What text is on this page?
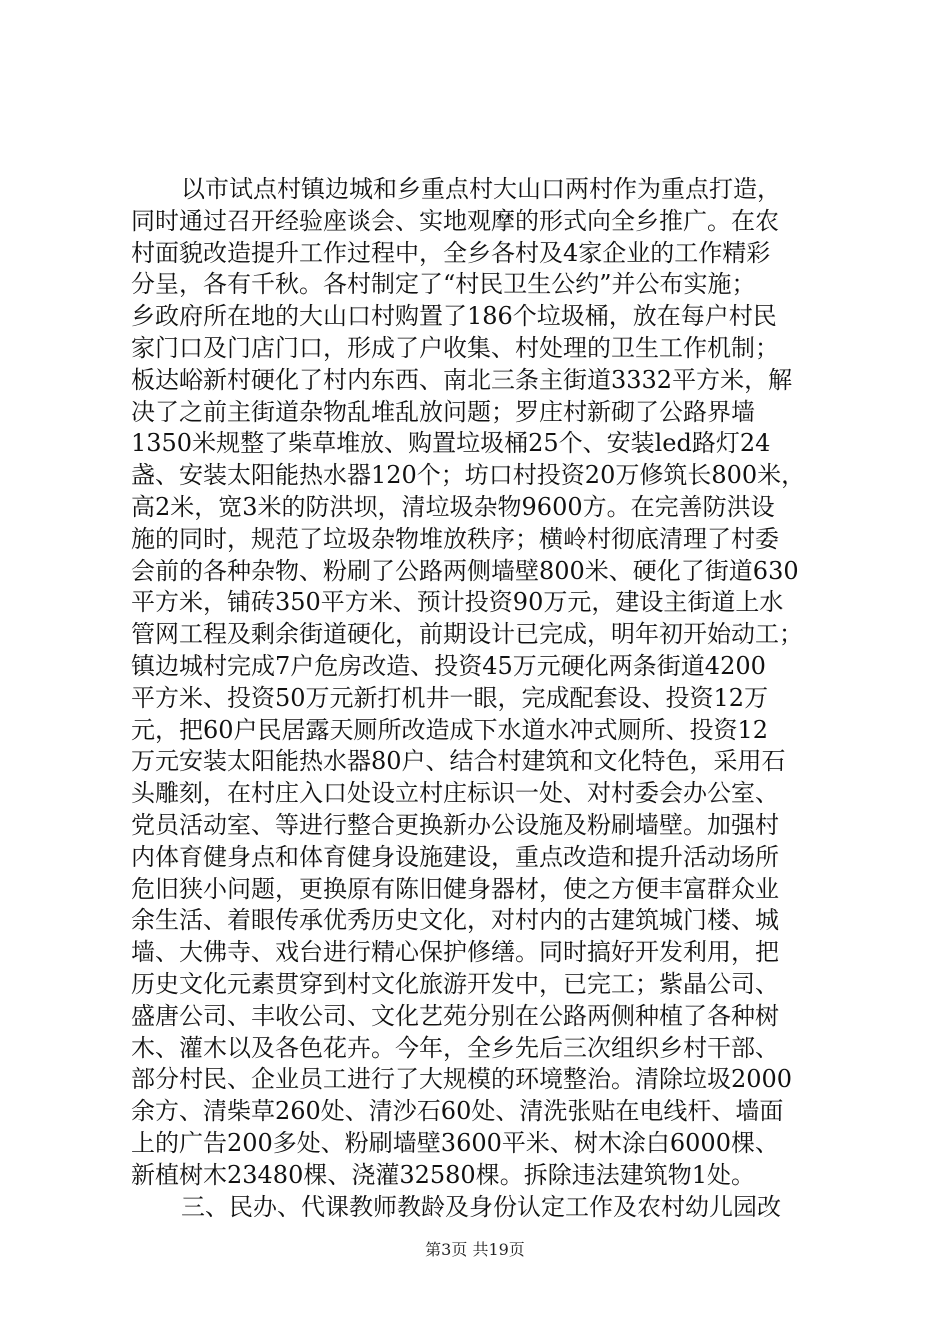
以市试点村镇边城和乡重点村大山口两村作为重点打造，
同时通过召开经验座谈会、实地观摩的形式向全乡推广。在农
村面貌改造提升工作过程中，全乡各村及4家企业的工作精彩
分呈，各有千秋。各村制定了“村民卫生公约”并公布实施；
乡政府所在地的大山口村购置了186个垃圾桶，放在每户村民
家门口及门店门口，形成了户收集、村处理的卫生工作机制；
板达峪新村硬化了村内东西、南北三条主街道3332平方米，解
决了之前主街道杂物乱堆乱放问题；罗庄村新砌了公路界墙
1350米规整了柴草堆放、购置垃圾桶25个、安装led路灯24
盏、安装太阳能热水器120个；坊口村投资20万修筑长800米，
高2米，宽3米的防洪坝，清垃圾杂物9600方。在完善防洪设
施的同时，规范了垃圾杂物堆放秩序；横岭村彻底清理了村委
会前的各种杂物、粉刷了公路两侧墙壁800米、硬化了街道630
平方米，铺砖350平方米、预计投资90万元，建设主街道上水
管网工程及剩余街道硬化，前期设计已完成，明年初开始动工；
镇边城村完成7户危房改造、投资45万元硬化两条街道4200
平方米、投资50万元新打机井一眼，完成配套设、投资12万
元，把60户民居露天厕所改造成下水道水冲式厕所、投资12
万元安装太阳能热水器80户、结合村建筑和文化特色，采用石
头雕刻，在村庄入口处设立村庄标识一处、对村委会办公室、
党员活动室、等进行整合更换新办公设施及粉刷墙壁。加强村
内体育健身点和体育健身设施建设，重点改造和提升活动场所
危旧狭小问题，更换原有陈旧健身器材，使之方便丰富群众业
余生活、着眼传承优秀历史文化，对村内的古建筑城门楼、城
墙、大佛寺、戏台进行精心保护修缮。同时搞好开发利用，把
历史文化元素贯穿到村文化旅游开发中，已完工；紫晶公司、
盛唐公司、丰收公司、文化艺苑分别在公路两侧种植了各种树
木、灌木以及各色花卉。今年，全乡先后三次组织乡村干部、
部分村民、企业员工进行了大规模的环境整治。清除垃圾2000
余方、清柴草260处、清沙石60处、清洗张贴在电线杆、墙面
上的广告200多处、粉刷墙壁3600平米、树木涂白6000棵、
新植树木23480棵、浇灌32580棵。拆除违法建筑物1处。
三、民办、代课教师教龄及身份认定工作及农村幼儿园改
第3页 共19页
